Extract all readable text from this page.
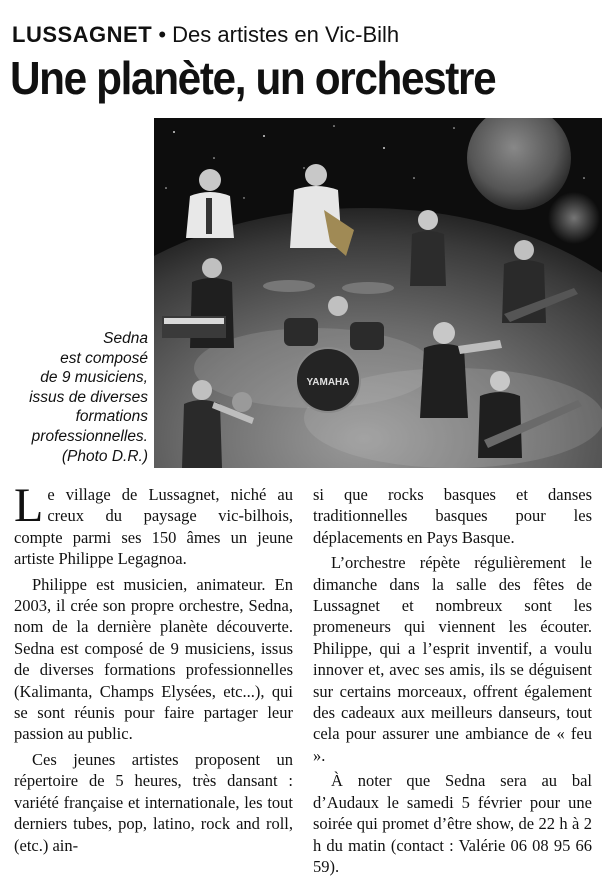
LUSSAGNET • Des artistes en Vic-Bilh
Une planète, un orchestre
Sedna
est composé
de 9 musiciens,
issus de diverses
formations
professionnelles.
(Photo D.R.)
YAMAHA

Le village de Lussagnet, niché au creux du paysage vic-bilhois, compte parmi ses 150 âmes un jeune artiste Philippe Legagnoa.

Philippe est musicien, animateur. En 2003, il crée son propre orchestre, Sedna, nom de la dernière planète découverte. Sedna est composé de 9 musiciens, issus de diverses formations professionnelles (Kalimanta, Champs Elysées, etc...), qui se sont réunis pour faire partager leur passion au public.

Ces jeunes artistes proposent un répertoire de 5 heures, très dansant : variété française et internationale, les tout derniers tubes, pop, latino, rock and roll, (etc.) ain-

si que rocks basques et danses traditionnelles basques pour les déplacements en Pays Basque.

L’orchestre répète régulièrement le dimanche dans la salle des fêtes de Lussagnet et nombreux sont les promeneurs qui viennent les écouter. Philippe, qui a l’esprit inventif, a voulu innover et, avec ses amis, ils se déguisent sur certains morceaux, offrent également des cadeaux aux meilleurs danseurs, tout cela pour assurer une ambiance de « feu ».

À noter que Sedna sera au bal d’Audaux le samedi 5 février pour une soirée qui promet d’être show, de 22 h à 2 h du matin (contact : Valérie 06 08 95 66 59).
